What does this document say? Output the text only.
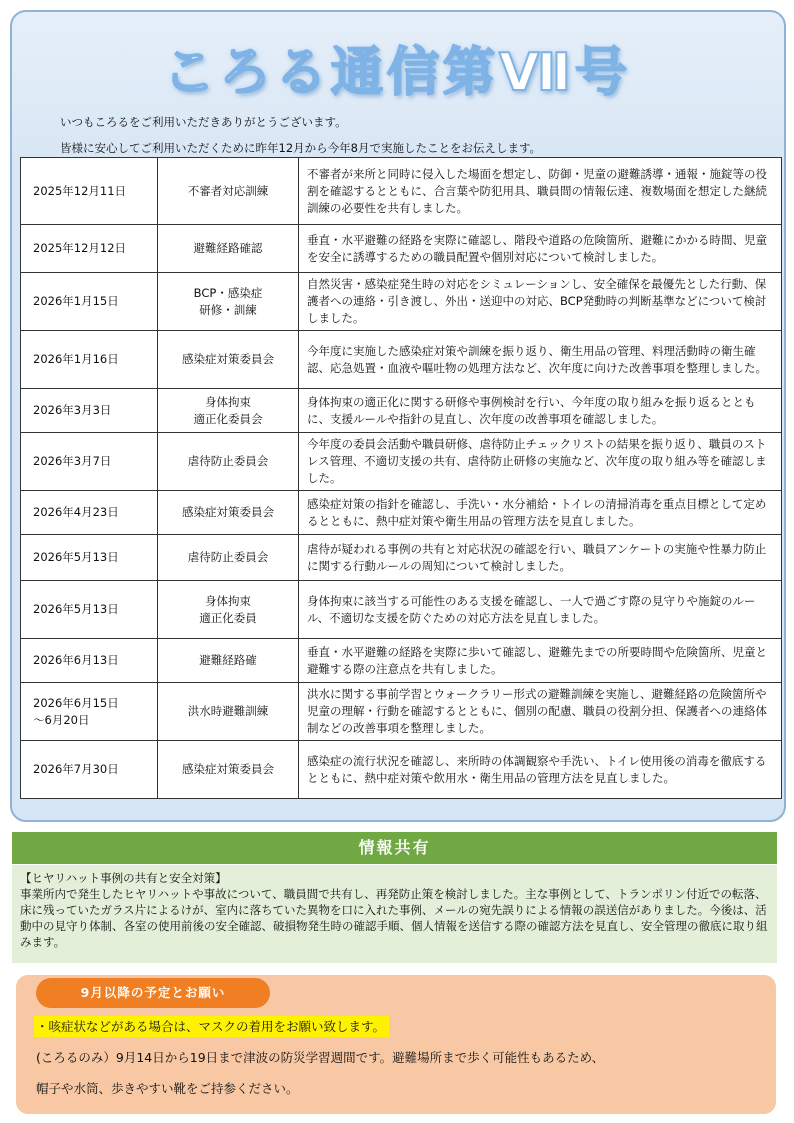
ころる通信第Ⅶ号

いつもころるをご利用いただきありがとうございます。

皆様に安心してご利用いただくために昨年12月から今年8月で実施したことをお伝えします。

2025年12月11日	不審者対応訓練	不審者が来所と同時に侵入した場面を想定し、防御・児童の避難誘導・通報・施錠等の役割を確認するとともに、合言葉や防犯用具、職員間の情報伝達、複数場面を想定した継続訓練の必要性を共有しました。
2025年12月12日	避難経路確認	垂直・水平避難の経路を実際に確認し、階段や道路の危険箇所、避難にかかる時間、児童を安全に誘導するための職員配置や個別対応について検討しました。
2026年1月15日	BCP・感染症
研修・訓練	自然災害・感染症発生時の対応をシミュレーションし、安全確保を最優先とした行動、保護者への連絡・引き渡し、外出・送迎中の対応、BCP発動時の判断基準などについて検討しました。
2026年1月16日	感染症対策委員会	今年度に実施した感染症対策や訓練を振り返り、衛生用品の管理、料理活動時の衛生確認、応急処置・血液や嘔吐物の処理方法など、次年度に向けた改善事項を整理しました。
2026年3月3日	身体拘束
適正化委員会	身体拘束の適正化に関する研修や事例検討を行い、今年度の取り組みを振り返るとともに、支援ルールや指針の見直し、次年度の改善事項を確認しました。
2026年3月7日	虐待防止委員会	今年度の委員会活動や職員研修、虐待防止チェックリストの結果を振り返り、職員のストレス管理、不適切支援の共有、虐待防止研修の実施など、次年度の取り組み等を確認しました。
2026年4月23日	感染症対策委員会	感染症対策の指針を確認し、手洗い・水分補給・トイレの清掃消毒を重点目標として定めるとともに、熱中症対策や衛生用品の管理方法を見直しました。
2026年5月13日	虐待防止委員会	虐待が疑われる事例の共有と対応状況の確認を行い、職員アンケートの実施や性暴力防止に関する行動ルールの周知について検討しました。
2026年5月13日	身体拘束
適正化委員	身体拘束に該当する可能性のある支援を確認し、一人で過ごす際の見守りや施錠のルール、不適切な支援を防ぐための対応方法を見直しました。
2026年6月13日	避難経路確	垂直・水平避難の経路を実際に歩いて確認し、避難先までの所要時間や危険箇所、児童と避難する際の注意点を共有しました。
2026年6月15日
～6月20日	洪水時避難訓練	洪水に関する事前学習とウォークラリー形式の避難訓練を実施し、避難経路の危険箇所や児童の理解・行動を確認するとともに、個別の配慮、職員の役割分担、保護者への連絡体制などの改善事項を整理しました。
2026年7月30日	感染症対策委員会	感染症の流行状況を確認し、来所時の体調観察や手洗い、トイレ使用後の消毒を徹底するとともに、熱中症対策や飲用水・衛生用品の管理方法を見直しました。
情報共有
【ヒヤリハット事例の共有と安全対策】
事業所内で発生したヒヤリハットや事故について、職員間で共有し、再発防止策を検討しました。主な事例として、トランポリン付近での転落、床に残っていたガラス片によるけが、室内に落ちていた異物を口に入れた事例、メールの宛先誤りによる情報の誤送信がありました。今後は、活動中の見守り体制、各室の使用前後の安全確認、破損物発生時の確認手順、個人情報を送信する際の確認方法を見直し、安全管理の徹底に取り組みます。
9月以降の予定とお願い
・咳症状などがある場合は、マスクの着用をお願い致します。
(ころるのみ）9月14日から19日まで津波の防災学習週間です。避難場所まで歩く可能性もあるため、
帽子や水筒、歩きやすい靴をご持参ください。
